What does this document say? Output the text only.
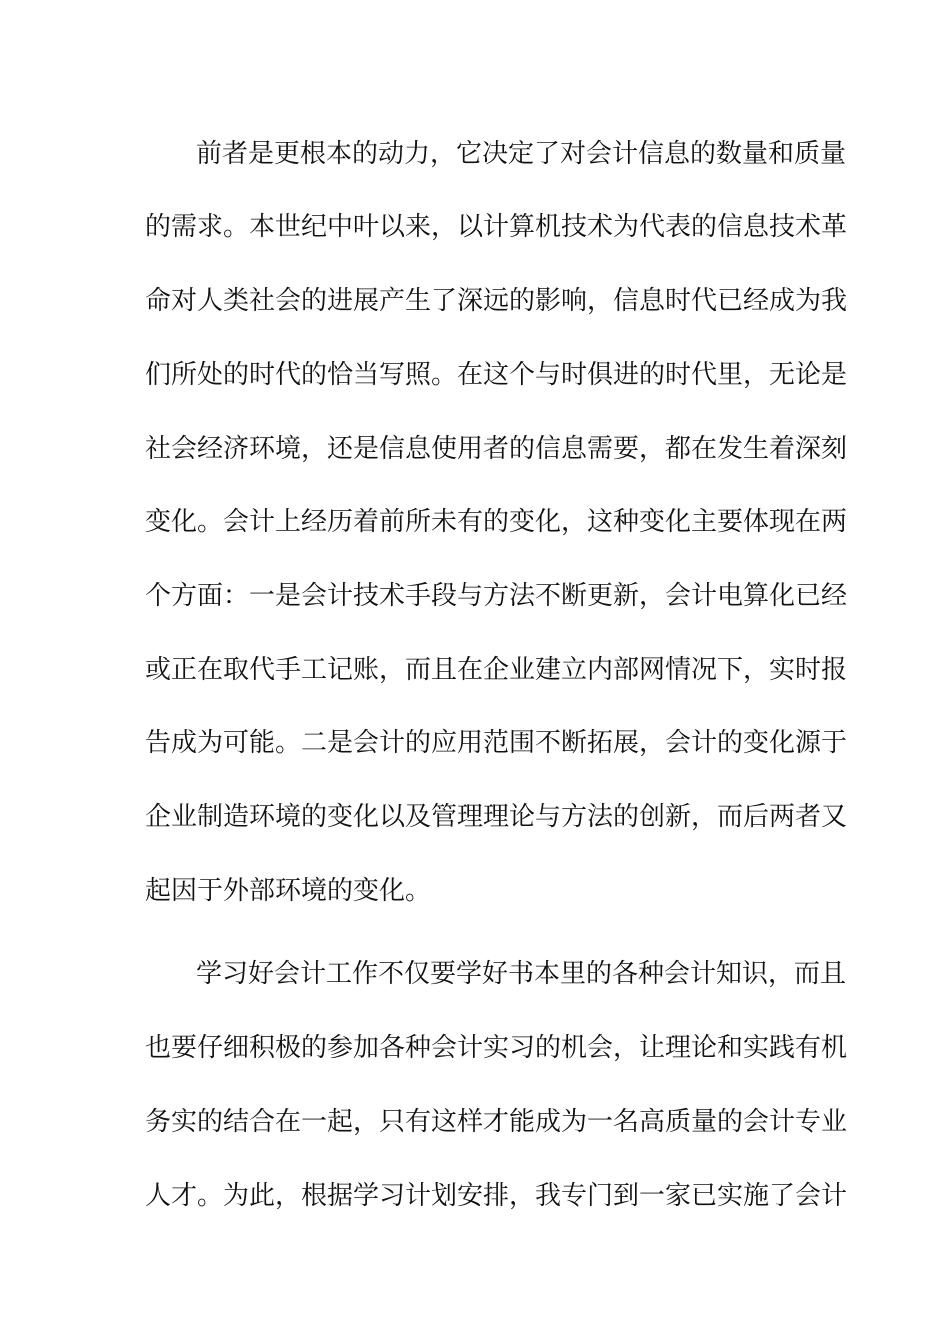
前者是更根本的动力，它决定了对会计信息的数量和质量
的需求。本世纪中叶以来，以计算机技术为代表的信息技术革
命对人类社会的进展产生了深远的影响，信息时代已经成为我
们所处的时代的恰当写照。在这个与时俱进的时代里，无论是
社会经济环境，还是信息使用者的信息需要，都在发生着深刻
变化。会计上经历着前所未有的变化，这种变化主要体现在两
个方面：一是会计技术手段与方法不断更新，会计电算化已经
或正在取代手工记账，而且在企业建立内部网情况下，实时报
告成为可能。二是会计的应用范围不断拓展，会计的变化源于
企业制造环境的变化以及管理理论与方法的创新，而后两者又
起因于外部环境的变化。
学习好会计工作不仅要学好书本里的各种会计知识，而且
也要仔细积极的参加各种会计实习的机会，让理论和实践有机
务实的结合在一起，只有这样才能成为一名高质量的会计专业
人才。为此，根据学习计划安排，我专门到一家已实施了会计
